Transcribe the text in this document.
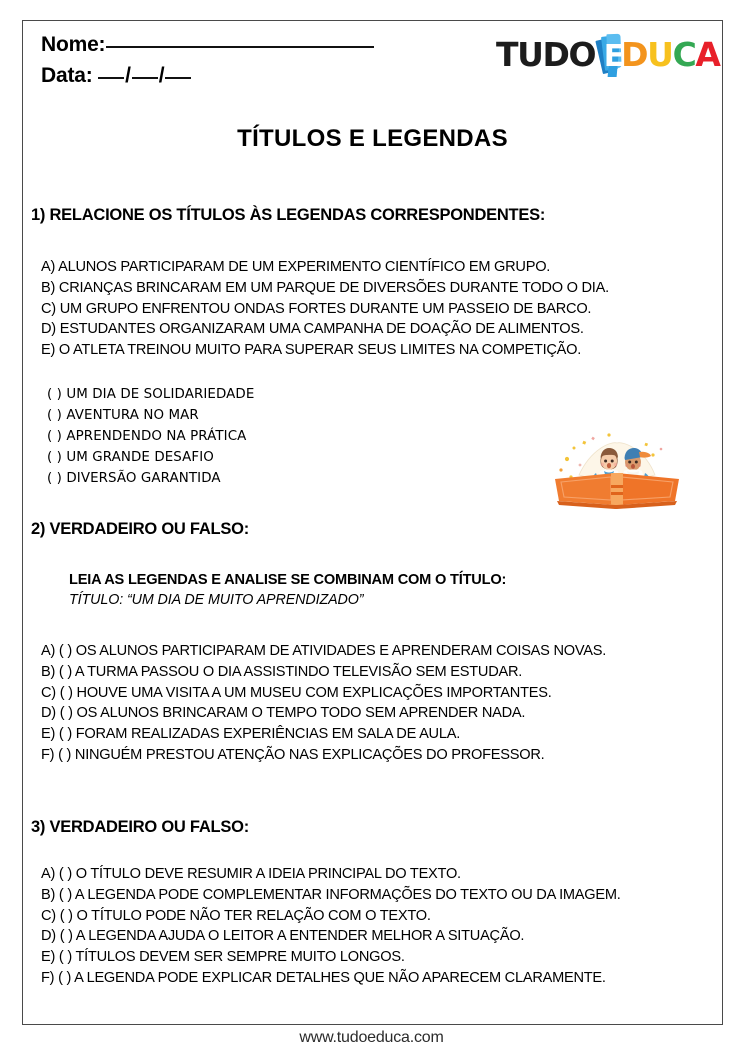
Nome:
Data: / /
TUDO DUCA
E
TÍTULOS E LEGENDAS
1) RELACIONE OS TÍTULOS ÀS LEGENDAS CORRESPONDENTES:
A) ALUNOS PARTICIPARAM DE UM EXPERIMENTO CIENTÍFICO EM GRUPO.
B) CRIANÇAS BRINCARAM EM UM PARQUE DE DIVERSÕES DURANTE TODO O DIA.
C) UM GRUPO ENFRENTOU ONDAS FORTES DURANTE UM PASSEIO DE BARCO.
D) ESTUDANTES ORGANIZARAM UMA CAMPANHA DE DOAÇÃO DE ALIMENTOS.
E) O ATLETA TREINOU MUITO PARA SUPERAR SEUS LIMITES NA COMPETIÇÃO.
( ) UM DIA DE SOLIDARIEDADE
( ) AVENTURA NO MAR
( ) APRENDENDO NA PRÁTICA
( ) UM GRANDE DESAFIO
( ) DIVERSÃO GARANTIDA
2) VERDADEIRO OU FALSO:
LEIA AS LEGENDAS E ANALISE SE COMBINAM COM O TÍTULO:
TÍTULO: “UM DIA DE MUITO APRENDIZADO”
A) ( ) OS ALUNOS PARTICIPARAM DE ATIVIDADES E APRENDERAM COISAS NOVAS.
B) ( ) A TURMA PASSOU O DIA ASSISTINDO TELEVISÃO SEM ESTUDAR.
C) ( ) HOUVE UMA VISITA A UM MUSEU COM EXPLICAÇÕES IMPORTANTES.
D) ( ) OS ALUNOS BRINCARAM O TEMPO TODO SEM APRENDER NADA.
E) ( ) FORAM REALIZADAS EXPERIÊNCIAS EM SALA DE AULA.
F) ( ) NINGUÉM PRESTOU ATENÇÃO NAS EXPLICAÇÕES DO PROFESSOR.
3) VERDADEIRO OU FALSO:
A) ( ) O TÍTULO DEVE RESUMIR A IDEIA PRINCIPAL DO TEXTO.
B) ( ) A LEGENDA PODE COMPLEMENTAR INFORMAÇÕES DO TEXTO OU DA IMAGEM.
C) ( ) O TÍTULO PODE NÃO TER RELAÇÃO COM O TEXTO.
D) ( ) A LEGENDA AJUDA O LEITOR A ENTENDER MELHOR A SITUAÇÃO.
E) ( ) TÍTULOS DEVEM SER SEMPRE MUITO LONGOS.
F) ( ) A LEGENDA PODE EXPLICAR DETALHES QUE NÃO APARECEM CLARAMENTE.
www.tudoeduca.com
